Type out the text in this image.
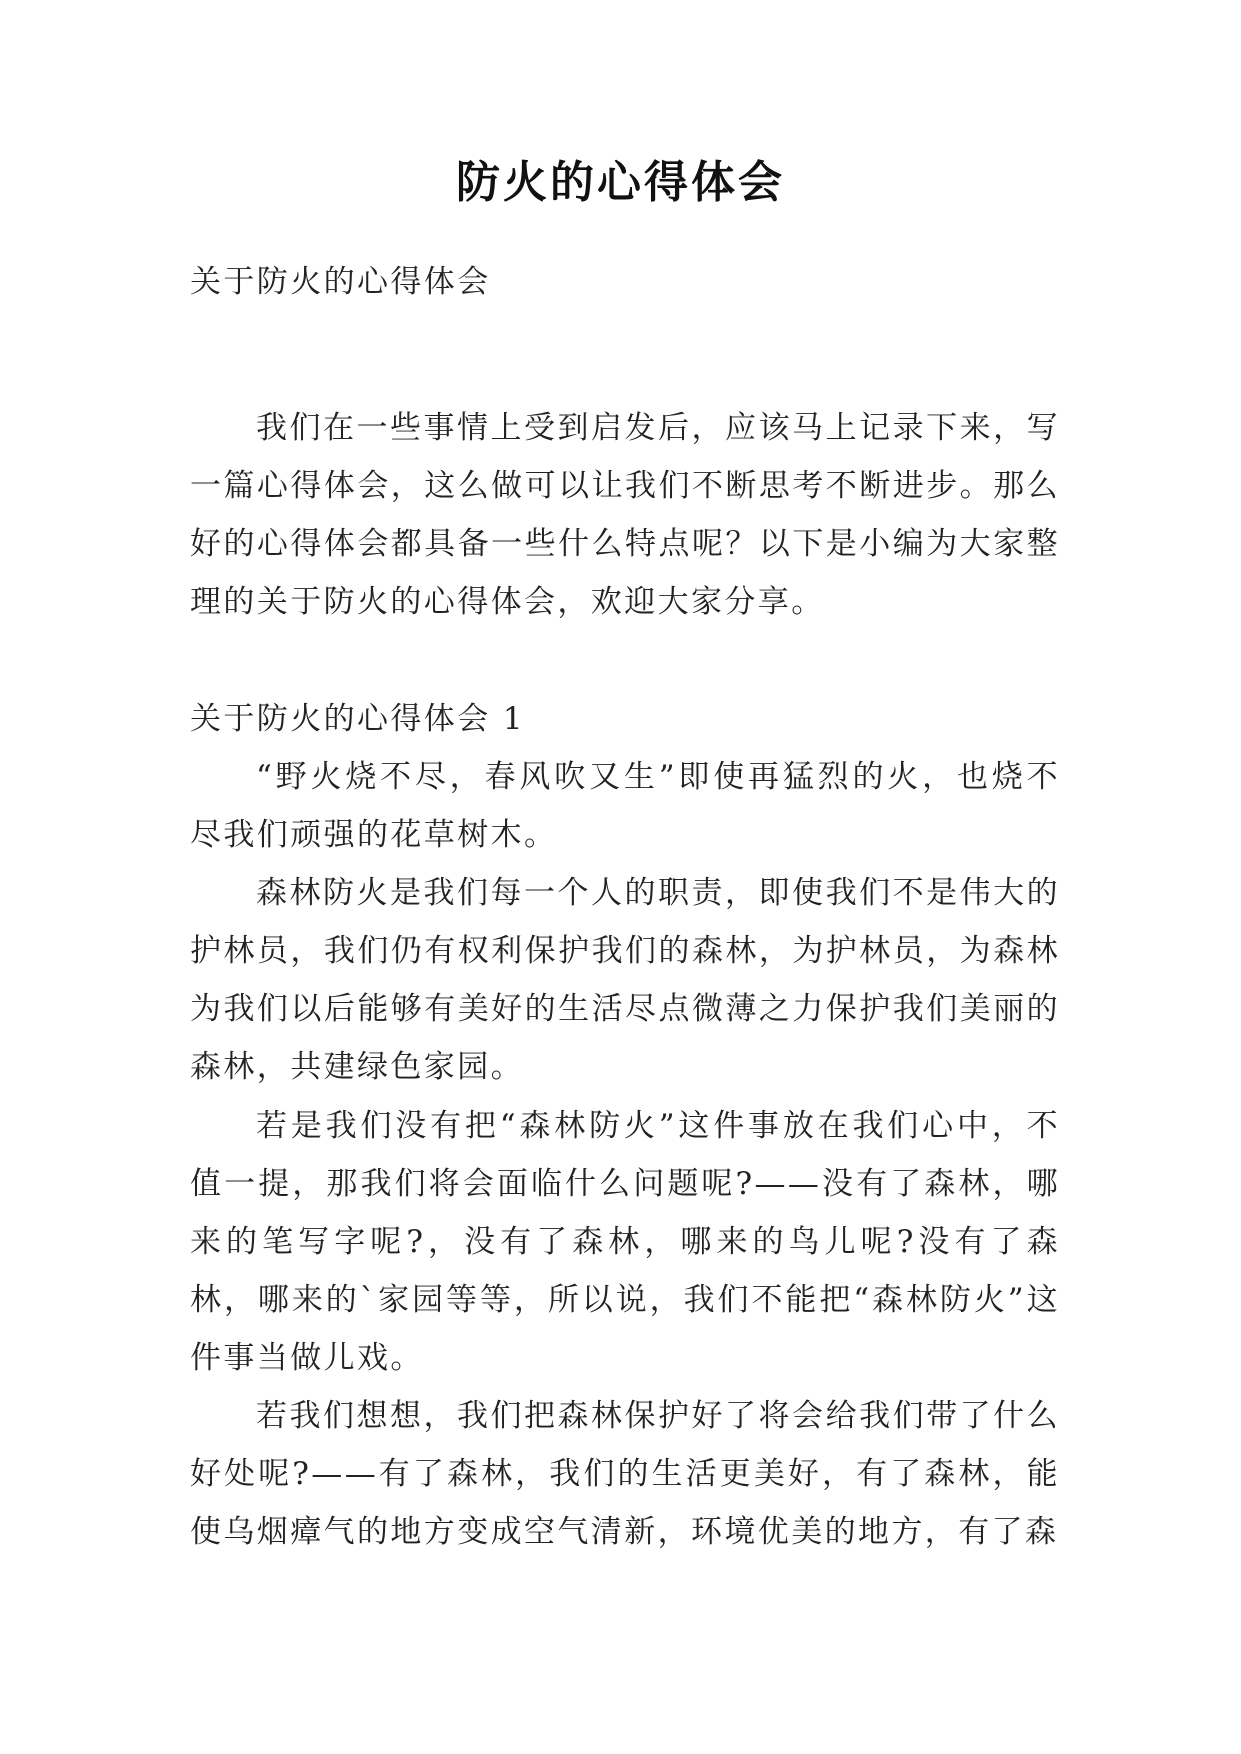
防火的心得体会

关于防火的心得体会

我们在一些事情上受到启发后，应该马上记录下来，写一篇心得体会，这么做可以让我们不断思考不断进步。那么好的心得体会都具备一些什么特点呢？以下是小编为大家整理的关于防火的心得体会，欢迎大家分享。

关于防火的心得体会 1

“野火烧不尽，春风吹又生”即使再猛烈的火，也烧不尽我们顽强的花草树木。

森林防火是我们每一个人的职责，即使我们不是伟大的护林员，我们仍有权利保护我们的森林，为护林员，为森林为我们以后能够有美好的生活尽点微薄之力保护我们美丽的森林，共建绿色家园。

若是我们没有把“森林防火”这件事放在我们心中，不值一提，那我们将会面临什么问题呢?——没有了森林，哪来的笔写字呢?，没有了森林，哪来的鸟儿呢?没有了森林，哪来的`家园等等，所以说，我们不能把“森林防火”这件事当做儿戏。

若我们想想，我们把森林保护好了将会给我们带了什么好处呢?——有了森林，我们的生活更美好，有了森林，能使乌烟瘴气的地方变成空气清新，环境优美的地方，有了森
